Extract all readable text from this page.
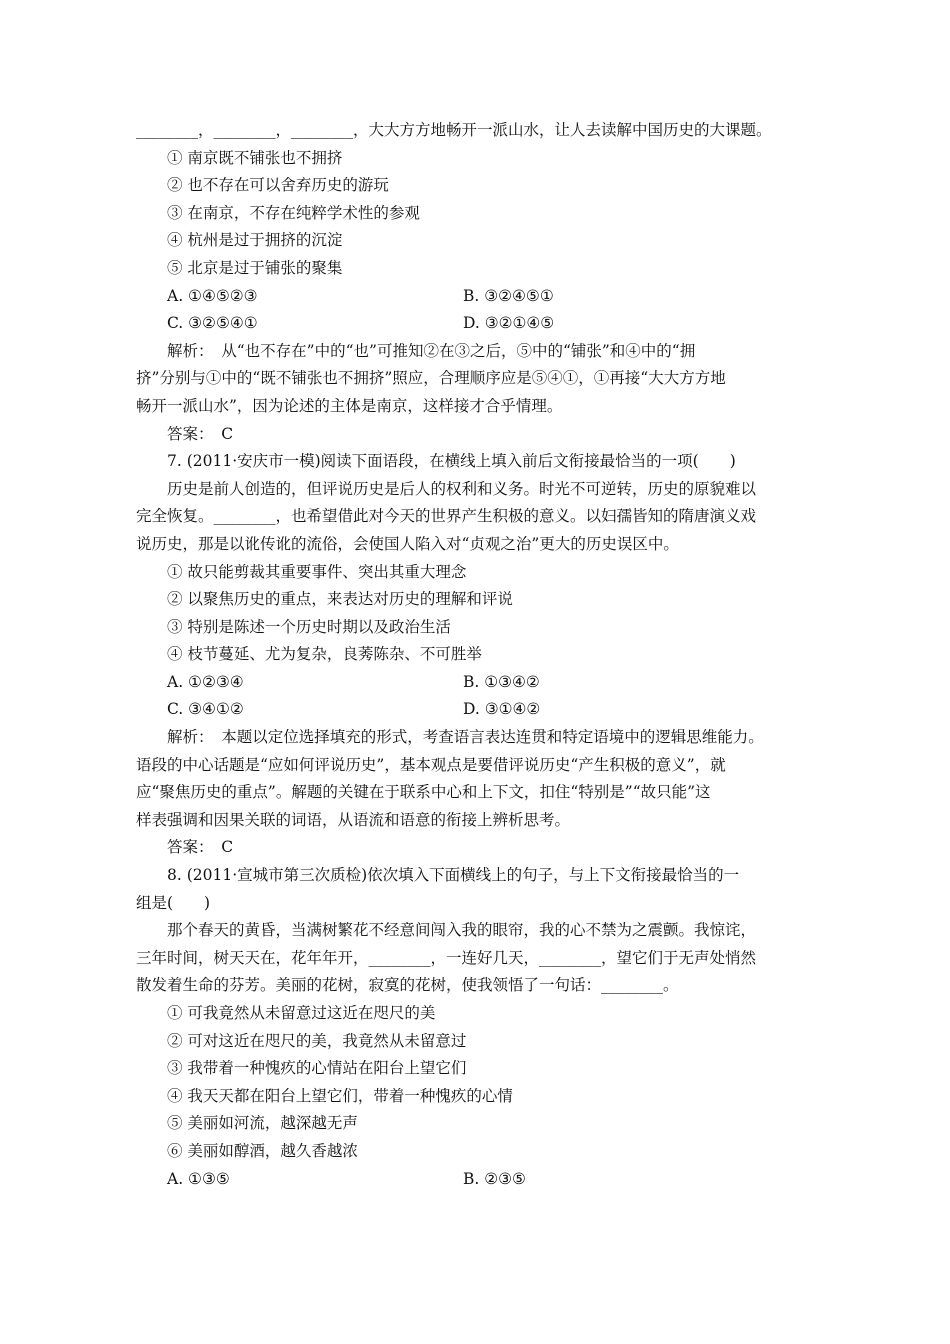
________，________，________，大大方方地畅开一派山水，让人去读解中国历史的大课题。
① 南京既不铺张也不拥挤
② 也不存在可以舍弃历史的游玩
③ 在南京，不存在纯粹学术性的参观
④ 杭州是过于拥挤的沉淀
⑤ 北京是过于铺张的聚集
A. ①④⑤②③	B. ③②④⑤①
C. ③②⑤④①	D. ③②①④⑤
解析：　从“也不存在”中的“也”可推知②在③之后，⑤中的“铺张”和④中的“拥
挤”分别与①中的“既不铺张也不拥挤”照应，合理顺序应是⑤④①，①再接“大大方方地
畅开一派山水”，因为论述的主体是南京，这样接才合乎情理。
答案：　C
7. (2011·安庆市一模)阅读下面语段，在横线上填入前后文衔接最恰当的一项(　　)
历史是前人创造的，但评说历史是后人的权利和义务。时光不可逆转，历史的原貌难以
完全恢复。________，也希望借此对今天的世界产生积极的意义。以妇孺皆知的隋唐演义戏
说历史，那是以讹传讹的流俗，会使国人陷入对“贞观之治”更大的历史误区中。
① 故只能剪裁其重要事件、突出其重大理念
② 以聚焦历史的重点，来表达对历史的理解和评说
③ 特别是陈述一个历史时期以及政治生活
④ 枝节蔓延、尤为复杂，良莠陈杂、不可胜举
A. ①②③④	B. ①③④②
C. ③④①②	D. ③①④②
解析：　本题以定位选择填充的形式，考查语言表达连贯和特定语境中的逻辑思维能力。
语段的中心话题是“应如何评说历史”，基本观点是要借评说历史“产生积极的意义”，就
应“聚焦历史的重点”。解题的关键在于联系中心和上下文，扣住“特别是”“故只能”这
样表强调和因果关联的词语，从语流和语意的衔接上辨析思考。
答案：　C
8. (2011·宣城市第三次质检)依次填入下面横线上的句子，与上下文衔接最恰当的一
组是(　　)
那个春天的黄昏，当满树繁花不经意间闯入我的眼帘，我的心不禁为之震颤。我惊诧，
三年时间，树天天在，花年年开，________，一连好几天，________，望它们于无声处悄然
散发着生命的芬芳。美丽的花树，寂寞的花树，使我领悟了一句话：________。
① 可我竟然从未留意过这近在咫尺的美
② 可对这近在咫尺的美，我竟然从未留意过
③ 我带着一种愧疚的心情站在阳台上望它们
④ 我天天都在阳台上望它们，带着一种愧疚的心情
⑤ 美丽如河流，越深越无声
⑥ 美丽如醇酒，越久香越浓
A. ①③⑤	B. ②③⑤
